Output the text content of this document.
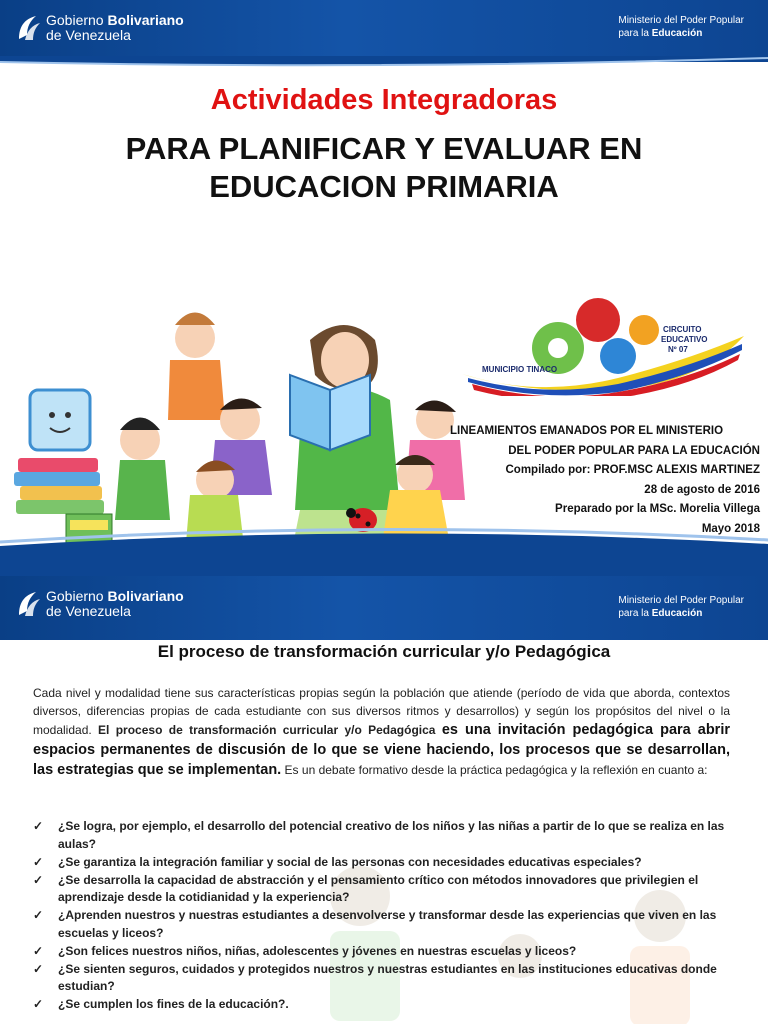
Gobierno Bolivariano
de Venezuela
Ministerio del Poder Popular
para la Educación
Actividades Integradoras
PARA PLANIFICAR Y EVALUAR EN
EDUCACION PRIMARIA
MUNICIPIO TINACO
CIRCUITO
EDUCATIVO
Nº 07
LINEAMIENTOS EMANADOS POR EL MINISTERIO
DEL PODER POPULAR PARA LA EDUCACIÓN
Compilado por: PROF.MSC ALEXIS MARTINEZ
28 de agosto de 2016
Preparado por la MSc. Morelia Villega
Mayo 2018
Gobierno Bolivariano
de Venezuela
Ministerio del Poder Popular
para la Educación
El proceso de transformación curricular y/o Pedagógica
Cada nivel y modalidad tiene sus características propias según la población que atiende (período de vida que aborda, contextos diversos, diferencias propias de cada estudiante con sus diversos ritmos y desarrollos) y según los propósitos del nivel o la modalidad. El proceso de transformación curricular y/o Pedagógica es una invitación pedagógica para abrir espacios permanentes de discusión de lo que se viene haciendo, los procesos que se desarrollan, las estrategias que se implementan. Es un debate formativo desde la práctica pedagógica y la reflexión en cuanto a:
✓ ¿Se logra, por ejemplo, el desarrollo del potencial creativo de los niños y las niñas a partir de lo que se realiza en las aulas?
✓ ¿Se garantiza la integración familiar y social de las personas con necesidades educativas especiales?
✓ ¿Se desarrolla la capacidad de abstracción y el pensamiento crítico con métodos innovadores que privilegien el aprendizaje desde la cotidianidad y la experiencia?
✓ ¿Aprenden nuestros y nuestras estudiantes a desenvolverse y transformar desde las experiencias que viven en las escuelas y liceos?
✓ ¿Son felices nuestros niños, niñas, adolescentes y jóvenes en nuestras escuelas y liceos?
✓ ¿Se sienten seguros, cuidados y protegidos nuestros y nuestras estudiantes en las instituciones educativas donde estudian?
✓ ¿Se cumplen los fines de la educación?.
